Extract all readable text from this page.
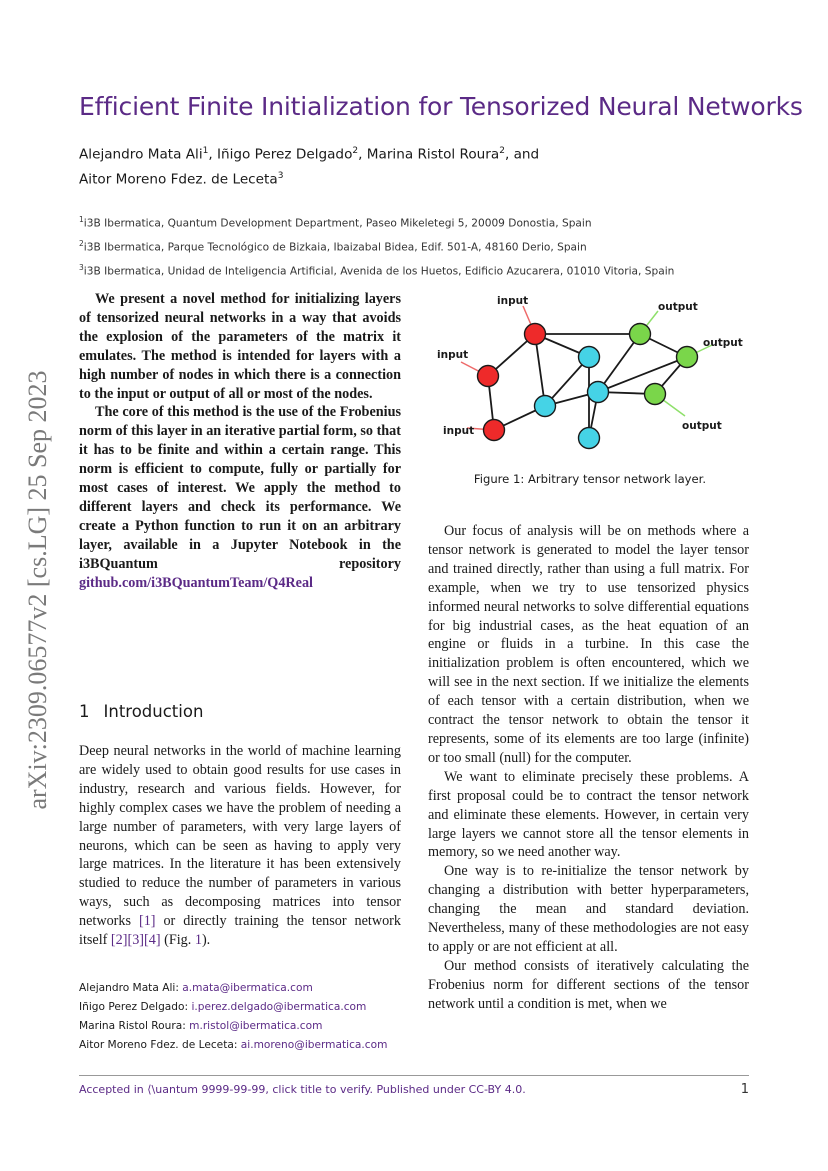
arXiv:2309.06577v2 [cs.LG] 25 Sep 2023
Efficient Finite Initialization for Tensorized Neural Networks
Alejandro Mata Ali$^1$, Iñigo Perez Delgado$^2$, Marina Ristol Roura$^2$, and
Aitor Moreno Fdez. de Leceta$^3$
$^1$i3B Ibermatica, Quantum Development Department, Paseo Mikeletegi 5, 20009 Donostia, Spain
$^2$i3B Ibermatica, Parque Tecnológico de Bizkaia, Ibaizabal Bidea, Edif. 501-A, 48160 Derio, Spain
$^3$i3B Ibermatica, Unidad de Inteligencia Artificial, Avenida de los Huetos, Edificio Azucarera, 01010 Vitoria, Spain

We present a novel method for initializing layers of tensorized neural networks in a way that avoids the explosion of the parameters of the matrix it emulates. The method is intended for layers with a high number of nodes in which there is a connection to the input or output of all or most of the nodes.

The core of this method is the use of the Frobenius norm of this layer in an iterative partial form, so that it has to be finite and within a certain range. This norm is efficient to compute, fully or partially for most cases of interest. We apply the method to different layers and check its performance. We create a Python function to run it on an arbitrary layer, available in a Jupyter Notebook in the i3BQuantum repository github.com/i3BQuantumTeam/Q4Real

1 Introduction

Deep neural networks in the world of machine learning are widely used to obtain good results for use cases in industry, research and various fields. However, for highly complex cases we have the problem of needing a large number of parameters, with very large layers of neurons, which can be seen as having to apply very large matrices. In the literature it has been extensively studied to reduce the number of parameters in various ways, such as decomposing matrices into tensor networks [1] or directly training the tensor network itself [2][3][4] (Fig. 1).

Alejandro Mata Ali: a.mata@ibermatica.com
Iñigo Perez Delgado: i.perez.delgado@ibermatica.com
Marina Ristol Roura: m.ristol@ibermatica.com
Aitor Moreno Fdez. de Leceta: ai.moreno@ibermatica.com
input
input
input
output
output
output
Figure 1: Arbitrary tensor network layer.

Our focus of analysis will be on methods where a tensor network is generated to model the layer tensor and trained directly, rather than using a full matrix. For example, when we try to use tensorized physics informed neural networks to solve differential equations for big industrial cases, as the heat equation of an engine or fluids in a turbine. In this case the initialization problem is often encountered, which we will see in the next section. If we initialize the elements of each tensor with a certain distribution, when we contract the tensor network to obtain the tensor it represents, some of its elements are too large (infinite) or too small (null) for the computer.

We want to eliminate precisely these problems. A first proposal could be to contract the tensor network and eliminate these elements. However, in certain very large layers we cannot store all the tensor elements in memory, so we need another way.

One way is to re-initialize the tensor network by changing a distribution with better hyperparameters, changing the mean and standard deviation. Nevertheless, many of these methodologies are not easy to apply or are not efficient at all.

Our method consists of iteratively calculating the Frobenius norm for different sections of the tensor network until a condition is met, when we

Accepted in ⟨\uantum 9999-99-99, click title to verify. Published under CC-BY 4.0.	1
